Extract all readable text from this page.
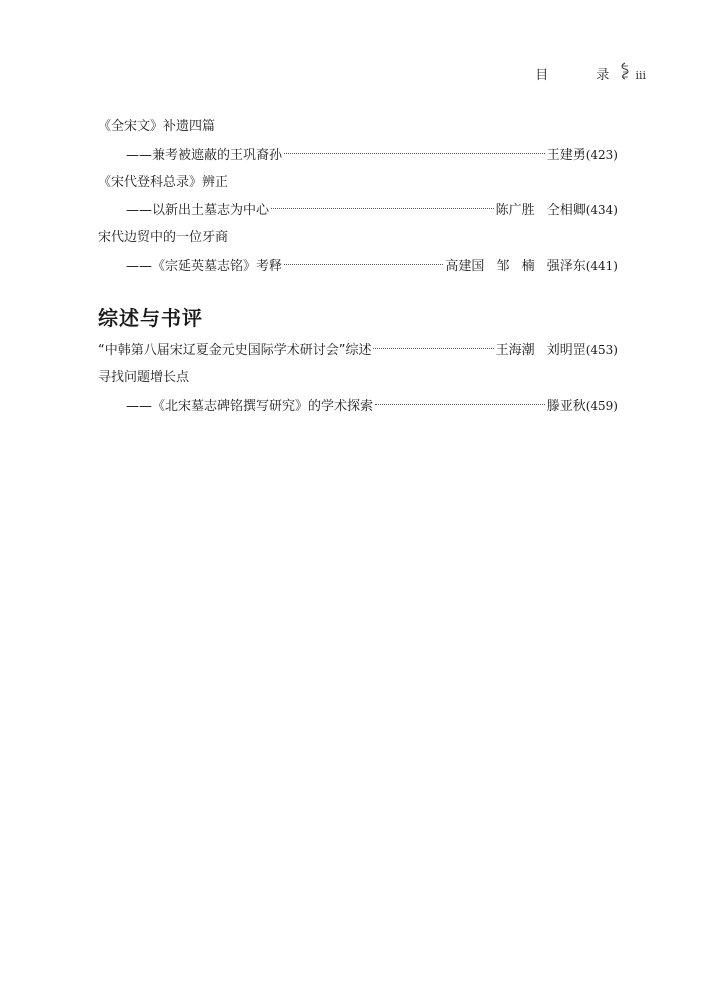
目 录 iii
《全宋文》补遗四篇
——兼考被遮蔽的王巩裔孙	王建勇 (423)
《宋代登科总录》辨正
——以新出土墓志为中心	陈广胜 仝相卿 (434)
宋代边贸中的一位牙商
——《宗延英墓志铭》考释	高建国 邹 楠 强泽东 (441)
综述与书评
“中韩第八届宋辽夏金元史国际学术研讨会”综述	王海潮 刘明罡 (453)
寻找问题增长点
——《北宋墓志碑铭撰写研究》的学术探索	滕亚秋 (459)
